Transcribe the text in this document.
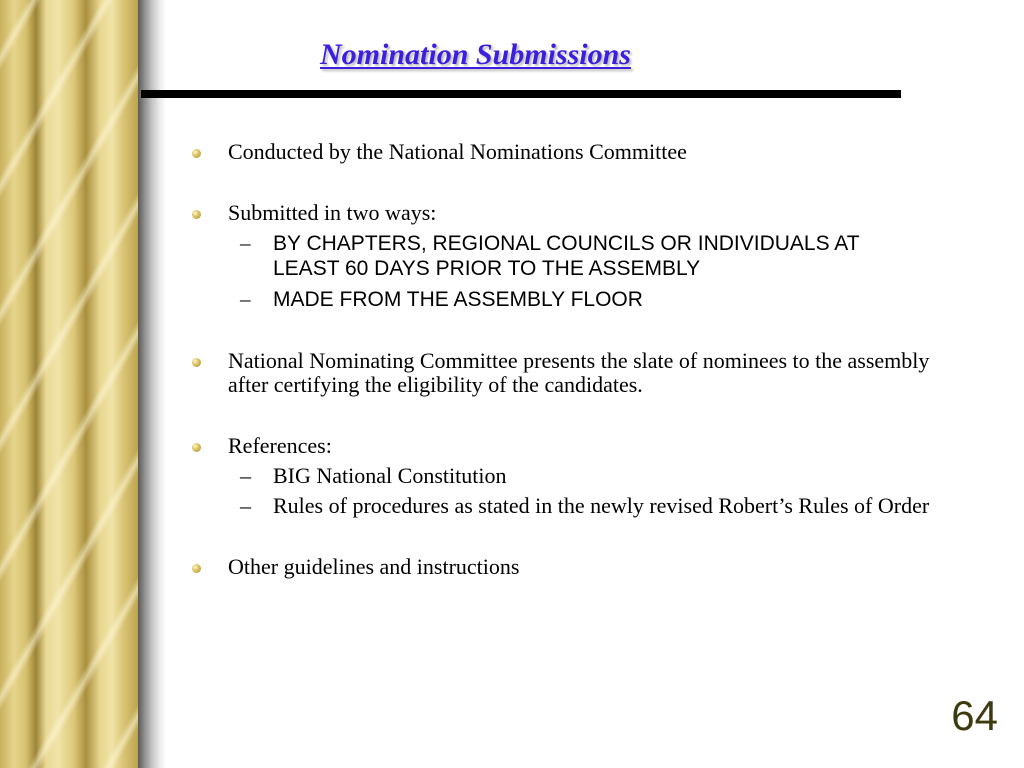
Nomination Submissions

Conducted by the National Nominations Committee

Submitted in two ways:

– BY CHAPTERS, REGIONAL COUNCILS OR INDIVIDUALS AT LEAST 60 DAYS PRIOR TO THE ASSEMBLY

– MADE FROM THE ASSEMBLY FLOOR

National Nominating Committee presents the slate of nominees to the assembly after certifying the eligibility of the candidates.

References:

– BIG National Constitution

– Rules of procedures as stated in the newly revised Robert’s Rules of Order

Other guidelines and instructions

64
